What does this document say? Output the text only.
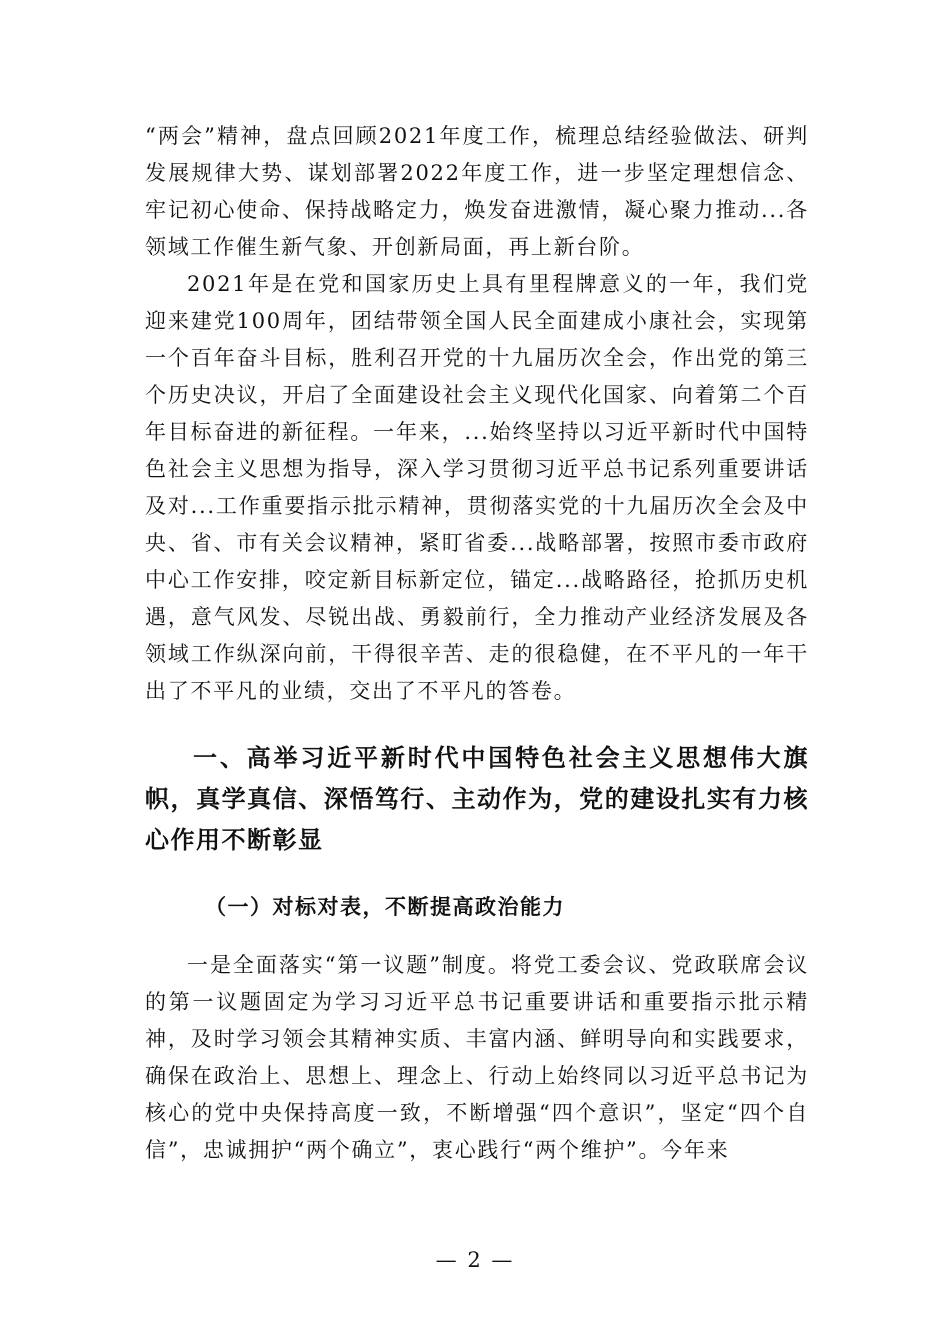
“两会”精神，盘点回顾2021年度工作，梳理总结经验做法、研判发展规律大势、谋划部署2022年度工作，进一步坚定理想信念、牢记初心使命、保持战略定力，焕发奋进激情，凝心聚力推动...各领域工作催生新气象、开创新局面，再上新台阶。

2021年是在党和国家历史上具有里程牌意义的一年，我们党迎来建党100周年，团结带领全国人民全面建成小康社会，实现第一个百年奋斗目标，胜利召开党的十九届历次全会，作出党的第三个历史决议，开启了全面建设社会主义现代化国家、向着第二个百年目标奋进的新征程。一年来，...始终坚持以习近平新时代中国特色社会主义思想为指导，深入学习贯彻习近平总书记系列重要讲话及对...工作重要指示批示精神，贯彻落实党的十九届历次全会及中央、省、市有关会议精神，紧盯省委...战略部署，按照市委市政府中心工作安排，咬定新目标新定位，锚定...战略路径，抢抓历史机遇，意气风发、尽锐出战、勇毅前行，全力推动产业经济发展及各领域工作纵深向前，干得很辛苦、走的很稳健，在不平凡的一年干出了不平凡的业绩，交出了不平凡的答卷。

一、高举习近平新时代中国特色社会主义思想伟大旗帜，真学真信、深悟笃行、主动作为，党的建设扎实有力核心作用不断彰显

（一）对标对表，不断提高政治能力

一是全面落实“第一议题”制度。将党工委会议、党政联席会议的第一议题固定为学习习近平总书记重要讲话和重要指示批示精神，及时学习领会其精神实质、丰富内涵、鲜明导向和实践要求，确保在政治上、思想上、理念上、行动上始终同以习近平总书记为核心的党中央保持高度一致，不断增强“四个意识”，坚定“四个自信”，忠诚拥护“两个确立”，衷心践行“两个维护”。今年来

— 2 —
